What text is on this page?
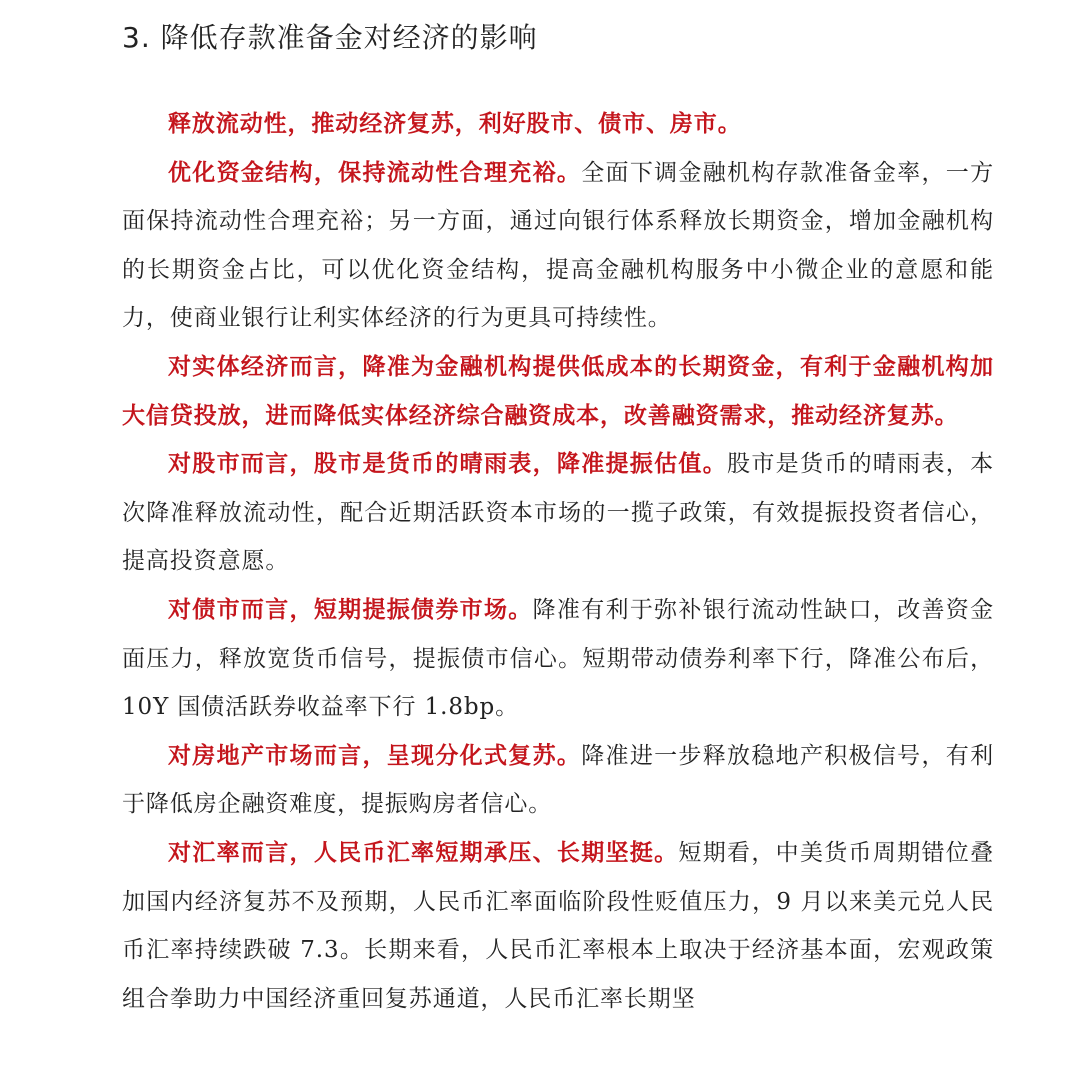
3. 降低存款准备金对经济的影响

释放流动性，推动经济复苏，利好股市、债市、房市。

优化资金结构，保持流动性合理充裕。全面下调金融机构存款准备金率，一方面保持流动性合理充裕；另一方面，通过向银行体系释放长期资金，增加金融机构的长期资金占比，可以优化资金结构，提高金融机构服务中小微企业的意愿和能力，使商业银行让利实体经济的行为更具可持续性。

对实体经济而言，降准为金融机构提供低成本的长期资金，有利于金融机构加大信贷投放，进而降低实体经济综合融资成本，改善融资需求，推动经济复苏。

对股市而言，股市是货币的晴雨表，降准提振估值。股市是货币的晴雨表，本次降准释放流动性，配合近期活跃资本市场的一揽子政策，有效提振投资者信心，提高投资意愿。

对债市而言，短期提振债券市场。降准有利于弥补银行流动性缺口，改善资金面压力，释放宽货币信号，提振债市信心。短期带动债券利率下行，降准公布后，10Y 国债活跃券收益率下行 1.8bp。

对房地产市场而言，呈现分化式复苏。降准进一步释放稳地产积极信号，有利于降低房企融资难度，提振购房者信心。

对汇率而言，人民币汇率短期承压、长期坚挺。短期看，中美货币周期错位叠加国内经济复苏不及预期，人民币汇率面临阶段性贬值压力，9 月以来美元兑人民币汇率持续跌破 7.3。长期来看，人民币汇率根本上取决于经济基本面，宏观政策组合拳助力中国经济重回复苏通道，人民币汇率长期坚
